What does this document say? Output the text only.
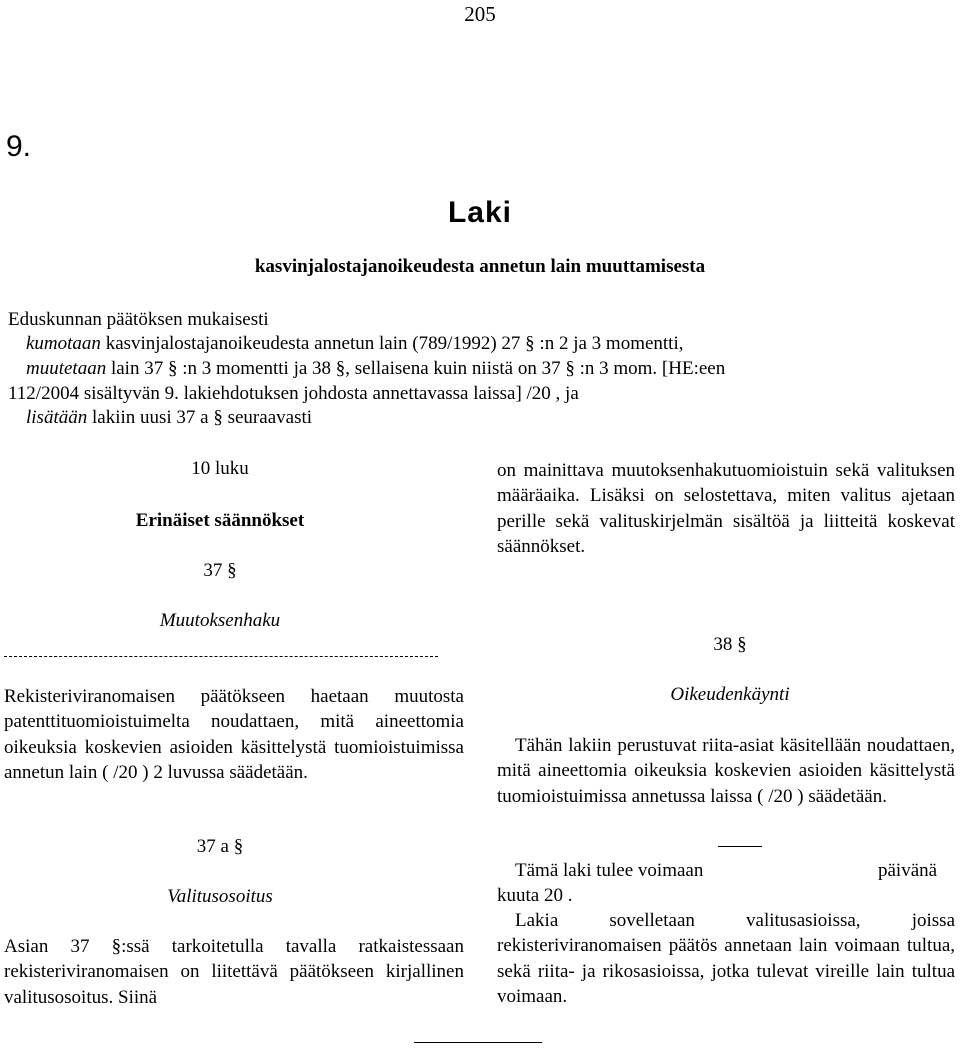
205
9.
Laki
kasvinjalostajanoikeudesta annetun lain muuttamisesta
Eduskunnan päätöksen mukaisesti
kumotaan kasvinjalostajanoikeudesta annetun lain (789/1992) 27 § :n 2 ja 3 momentti,
muutetaan lain 37 § :n 3 momentti ja 38 §, sellaisena kuin niistä on 37 § :n 3 mom. [HE:een
112/2004 sisältyvän 9. lakiehdotuksen johdosta annettavassa laissa] /20 , ja
lisätään lakiin uusi 37 a § seuraavasti
10 luku
Erinäiset säännökset
37 §
Muutoksenhaku
Rekisteriviranomaisen päätökseen haetaan muutosta patenttituomioistuimelta noudattaen, mitä aineettomia oikeuksia koskevien asioiden käsittelystä tuomioistuimissa annetun lain ( /20 ) 2 luvussa säädetään.
37 a §
Valitusosoitus
Asian 37 §:ssä tarkoitetulla tavalla ratkaistessaan rekisteriviranomaisen on liitettävä päätökseen kirjallinen valitusosoitus. Siinä
on mainittava muutoksenhakutuomioistuin sekä valituksen määräaika. Lisäksi on selostettava, miten valitus ajetaan perille sekä valituskirjelmän sisältöä ja liitteitä koskevat säännökset.
38 §
Oikeudenkäynti
Tähän lakiin perustuvat riita-asiat käsitellään noudattaen, mitä aineettomia oikeuksia koskevien asioiden käsittelystä tuomioistuimissa annetussa laissa ( /20 ) säädetään.
Tämä laki tulee voimaan	päivänä
kuuta 20 .
Lakia sovelletaan valitusasioissa, joissa rekisteriviranomaisen päätös annetaan lain voimaan tultua, sekä riita- ja rikosasioissa, jotka tulevat vireille lain tultua voimaan.
